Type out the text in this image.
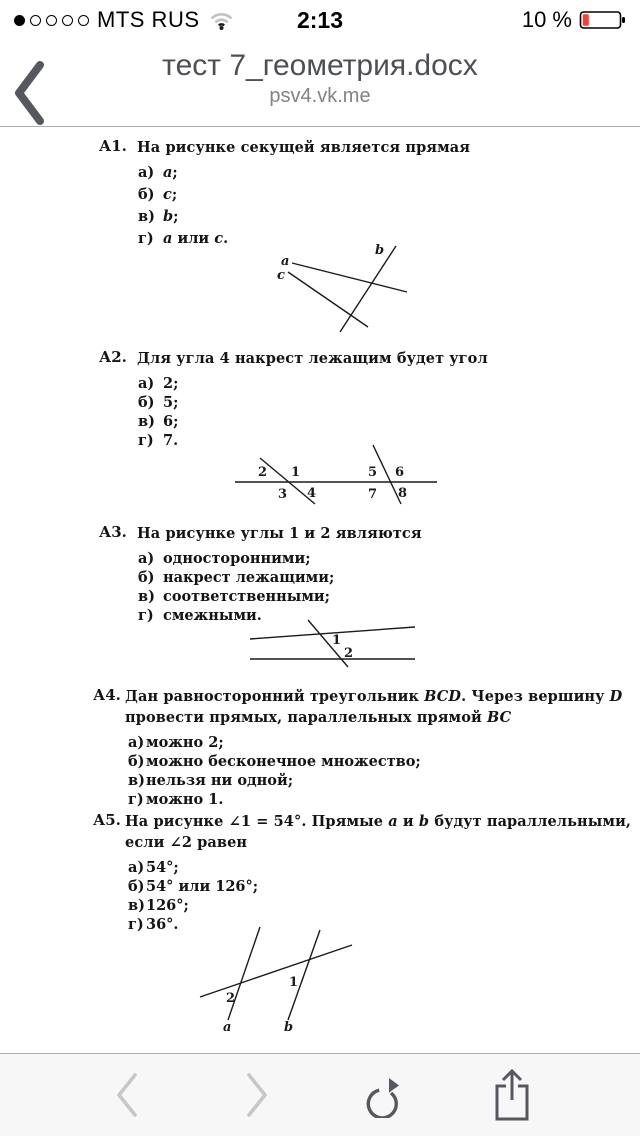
MTS RUS	2:13	10 %
тест 7_геометрия.docx
psv4.vk.me
А1. На рисунке секущей является прямая
а) a;
б) c;
в) b;
г) a или c.
a
c
b
А2. Для угла 4 накрест лежащим будет угол
а) 2;
б) 5;
в) 6;
г) 7.
2 1
3 4
5 6
7 8
А3. На рисунке углы 1 и 2 являются
а) односторонними;
б) накрест лежащими;
в) соответственными;
г) смежными.
1
2
А4. Дан равносторонний треугольник BCD. Через вершину D
провести прямых, параллельных прямой BC
а) можно 2;
б) можно бесконечное множество;
в) нельзя ни одной;
г) можно 1.
А5. На рисунке ∠1 = 54°. Прямые a и b будут параллельными,
если ∠2 равен
а) 54°;
б) 54° или 126°;
в) 126°;
г) 36°.
2
1
a	b
